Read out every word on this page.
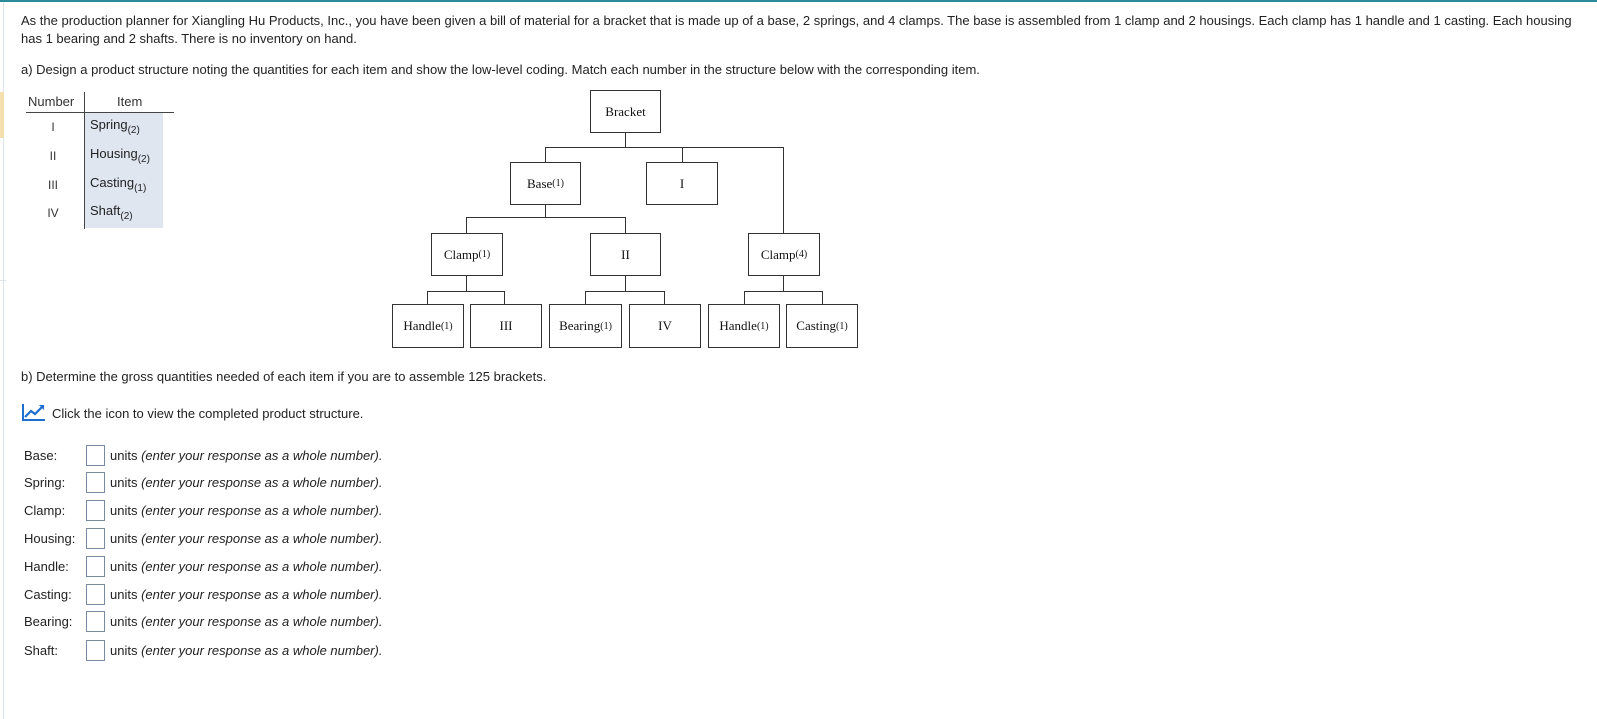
As the production planner for Xiangling Hu Products, Inc., you have been given a bill of material for a bracket that is made up of a base, 2 springs, and 4 clamps. The base is assembled from 1 clamp and 2 housings. Each clamp has 1 handle and 1 casting. Each housing has 1 bearing and 2 shafts. There is no inventory on hand.

a) Design a product structure noting the quantities for each item and show the low-level coding. Match each number in the structure below with the corresponding item.

Number	Item
I	Spring$_{(2)}$
II	Housing$_{(2)}$
III	Casting$_{(1)}$
IV	Shaft$_{(2)}$
Bracket
Base (1)	I
Clamp (1)	II	Clamp (4)
Handle (1)	III	Bearing (1)	IV	Handle (1) Casting (1)

b) Determine the gross quantities needed of each item if you are to assemble 125 brackets.

Click the icon to view the completed product structure.
Base:	units (enter your response as a whole number).
Spring:	units (enter your response as a whole number).
Clamp:	units (enter your response as a whole number).
Housing:	units (enter your response as a whole number).
Handle:	units (enter your response as a whole number).
Casting:	units (enter your response as a whole number).
Bearing:	units (enter your response as a whole number).
Shaft:	units (enter your response as a whole number).
